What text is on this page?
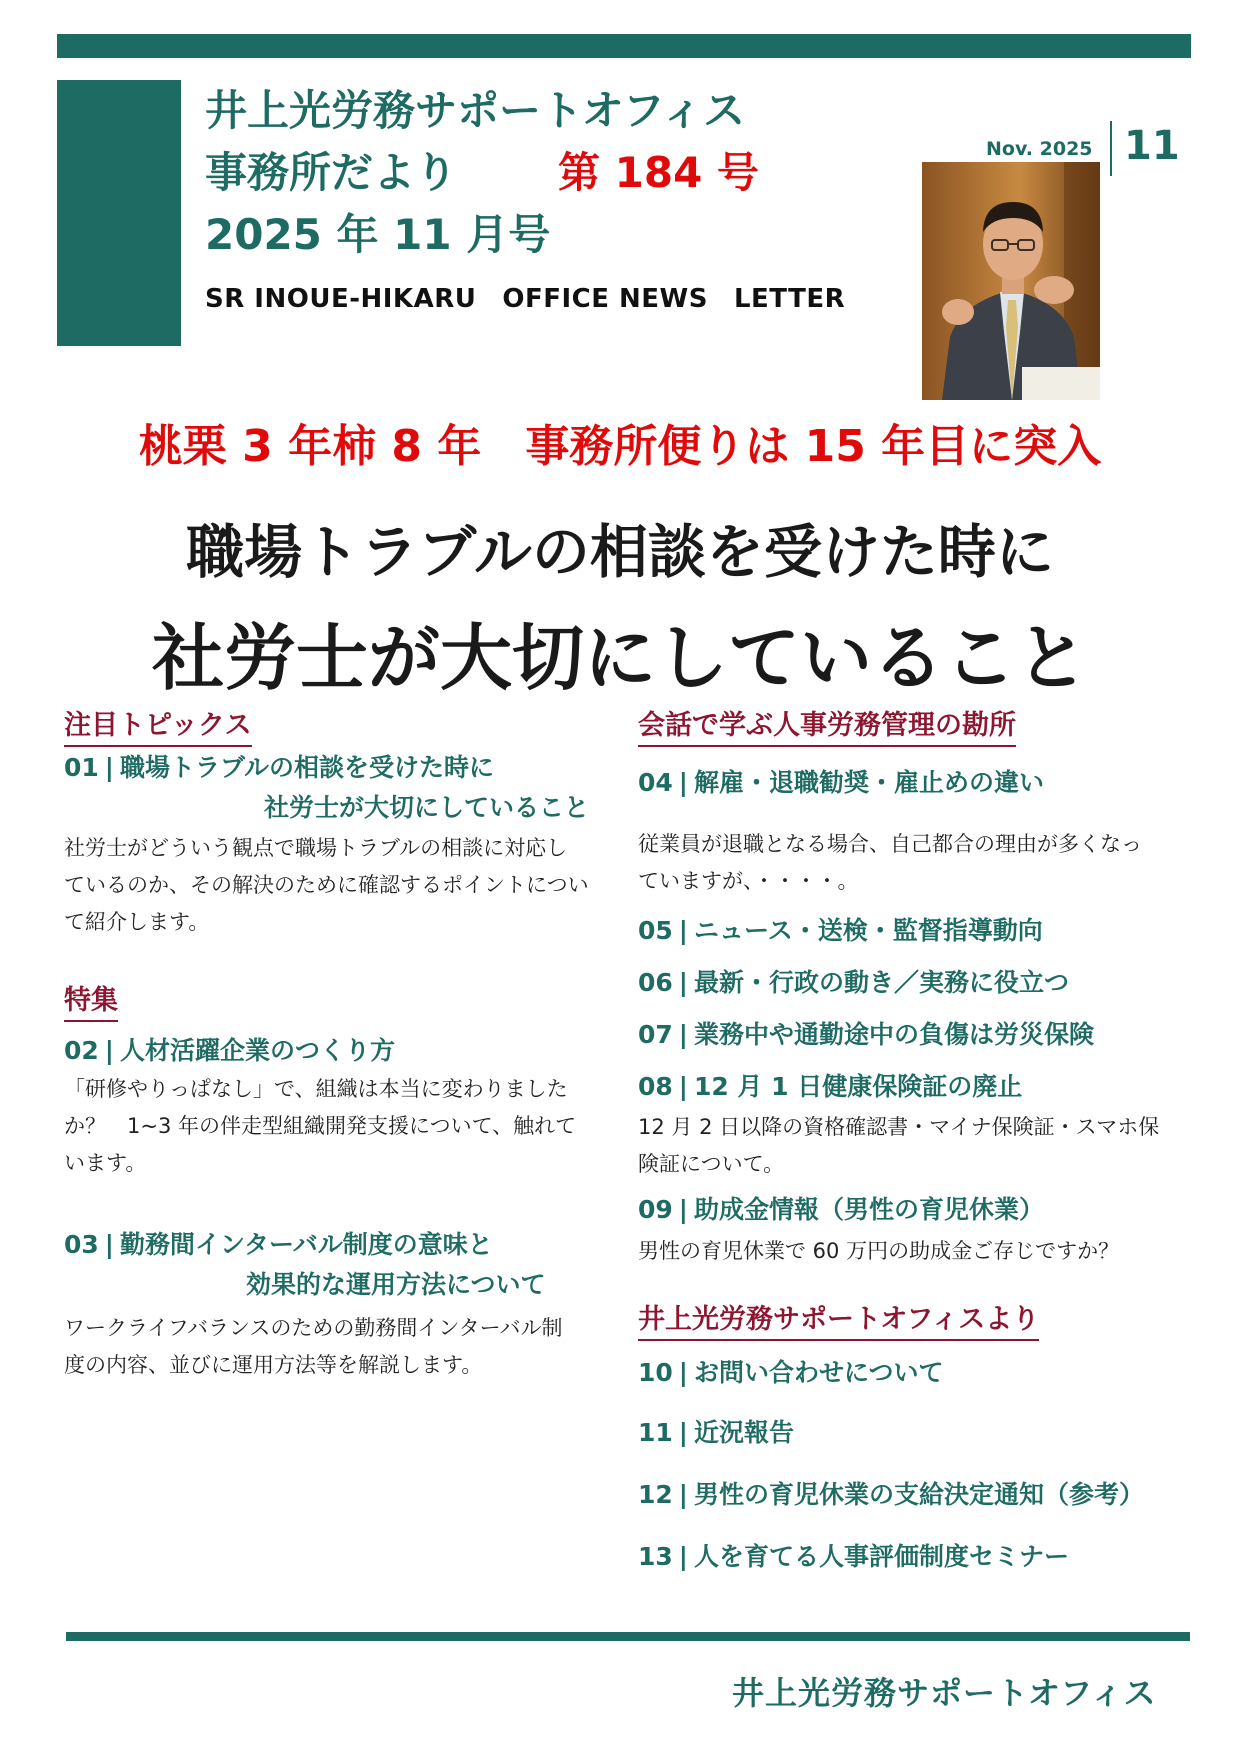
井上光労務サポートオフィス
事務所だより 第 184 号
2025 年 11 月号
SR INOUE-HIKARU OFFICE NEWS LETTER
Nov. 2025 11
桃栗 3 年柿 8 年　事務所便りは 15 年目に突入
職場トラブルの相談を受けた時に
社労士が大切にしていること
注目トピックス
01 | 職場トラブルの相談を受けた時に
社労士が大切にしていること
社労士がどういう観点で職場トラブルの相談に対応し
ているのか、その解決のために確認するポイントについ
て紹介します。
特集
02 | 人材活躍企業のつくり方
「研修やりっぱなし」で、組織は本当に変わりました
か？　1~3 年の伴走型組織開発支援について、触れて
います。
03 | 勤務間インターバル制度の意味と
効果的な運用方法について
ワークライフバランスのための勤務間インターバル制
度の内容、並びに運用方法等を解説します。
会話で学ぶ人事労務管理の勘所
04 | 解雇・退職勧奨・雇止めの違い
従業員が退職となる場合、自己都合の理由が多くなっ
ていますが、・・・・。
05 | ニュース・送検・監督指導動向
06 | 最新・行政の動き／実務に役立つ
07 | 業務中や通勤途中の負傷は労災保険
08 | 12 月 1 日健康保険証の廃止
12 月 2 日以降の資格確認書・マイナ保険証・スマホ保
険証について。
09 | 助成金情報（男性の育児休業）
男性の育児休業で 60 万円の助成金ご存じですか？
井上光労務サポートオフィスより
10 | お問い合わせについて
11 | 近況報告
12 | 男性の育児休業の支給決定通知（参考）
13 | 人を育てる人事評価制度セミナー
井上光労務サポートオフィス
